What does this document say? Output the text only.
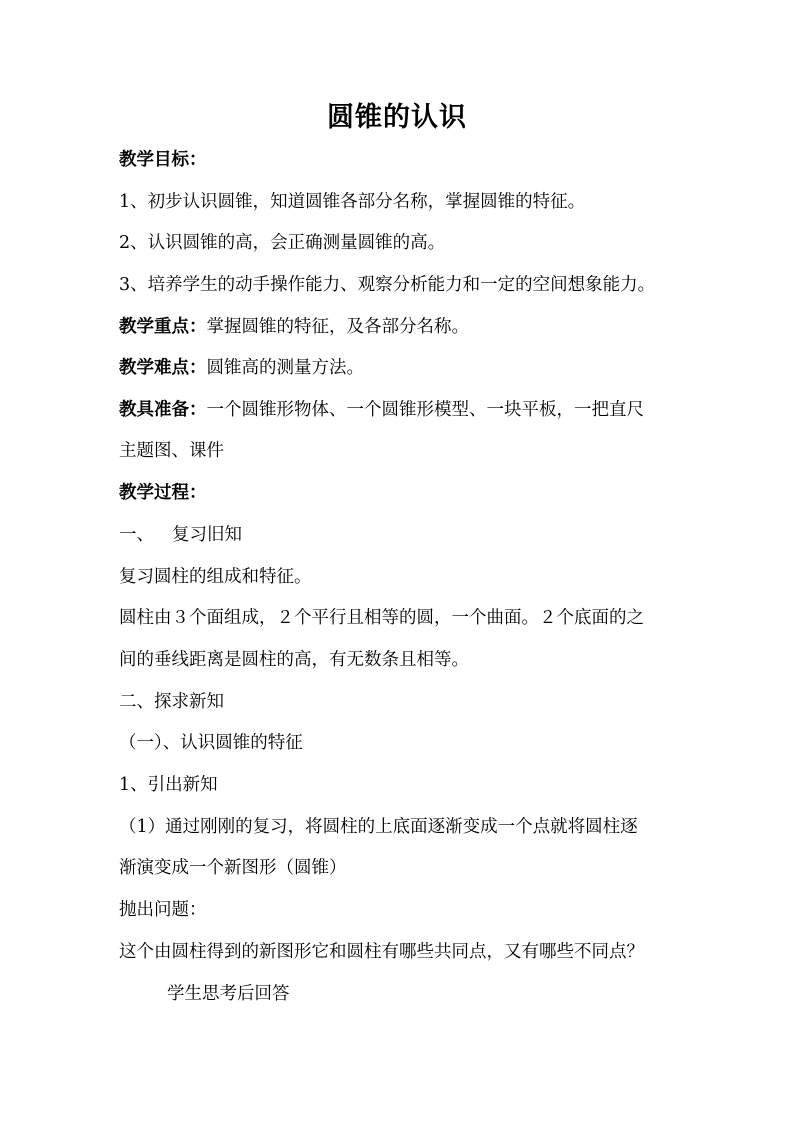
圆锥的认识
教学目标：
1、初步认识圆锥，知道圆锥各部分名称，掌握圆锥的特征。
2、认识圆锥的高，会正确测量圆锥的高。
3、培养学生的动手操作能力、观察分析能力和一定的空间想象能力。
教学重点：掌握圆锥的特征，及各部分名称。
教学难点：圆锥高的测量方法。
教具准备：一个圆锥形物体、一个圆锥形模型、一块平板，一把直尺
主题图、课件
教学过程：
一、 复习旧知
复习圆柱的组成和特征。
圆柱由３个面组成，２个平行且相等的圆，一个曲面。２个底面的之
间的垂线距离是圆柱的高，有无数条且相等。
二、探求新知
（一）、认识圆锥的特征
1、引出新知
（1）通过刚刚的复习，将圆柱的上底面逐渐变成一个点就将圆柱逐
渐演变成一个新图形（圆锥）
抛出问题：
这个由圆柱得到的新图形它和圆柱有哪些共同点，又有哪些不同点？
学生思考后回答
